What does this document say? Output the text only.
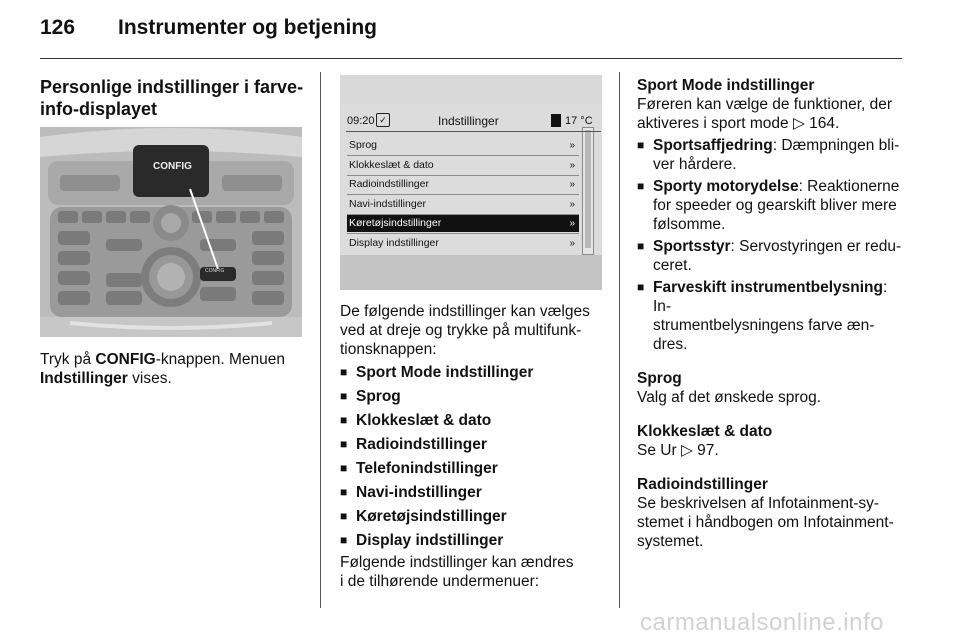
126 Instrumenter og betjening

Personlige indstillinger i farve-
info-displayet

CONFIG
CONFIG

Tryk på CONFIG-knappen. Menuen
Indstillinger vises.

09:20 ✓	Indstillinger	17 °C
Sprog	»
Klokkeslæt & dato	»
Radioindstillinger	»
Navi-indstillinger	»
Køretøjsindstillinger	»
Display indstillinger	»

De følgende indstillinger kan vælges
ved at dreje og trykke på multifunk-
tionsknappen:

■ Sport Mode indstillinger
■ Sprog
■ Klokkeslæt & dato
■ Radioindstillinger
■ Telefonindstillinger
■ Navi-indstillinger
■ Køretøjsindstillinger
■ Display indstillinger

Følgende indstillinger kan ændres
i de tilhørende undermenuer:

Sport Mode indstillinger

Føreren kan vælge de funktioner, der
aktiveres i sport mode ▷ 164.

■ Sportsaffjedring: Dæmpningen bli-
ver hårdere.
■ Sporty motorydelse: Reaktionerne
for speeder og gearskift bliver mere
følsomme.
■ Sportsstyr: Servostyringen er redu-
ceret.
■ Farveskift instrumentbelysning: In-
strumentbelysningens farve æn-
dres.

Sprog

Valg af det ønskede sprog.

Klokkeslæt & dato

Se Ur ▷ 97.

Radioindstillinger

Se beskrivelsen af Infotainment-sy-
stemet i håndbogen om Infotainment-
systemet.

carmanualsonline.info
